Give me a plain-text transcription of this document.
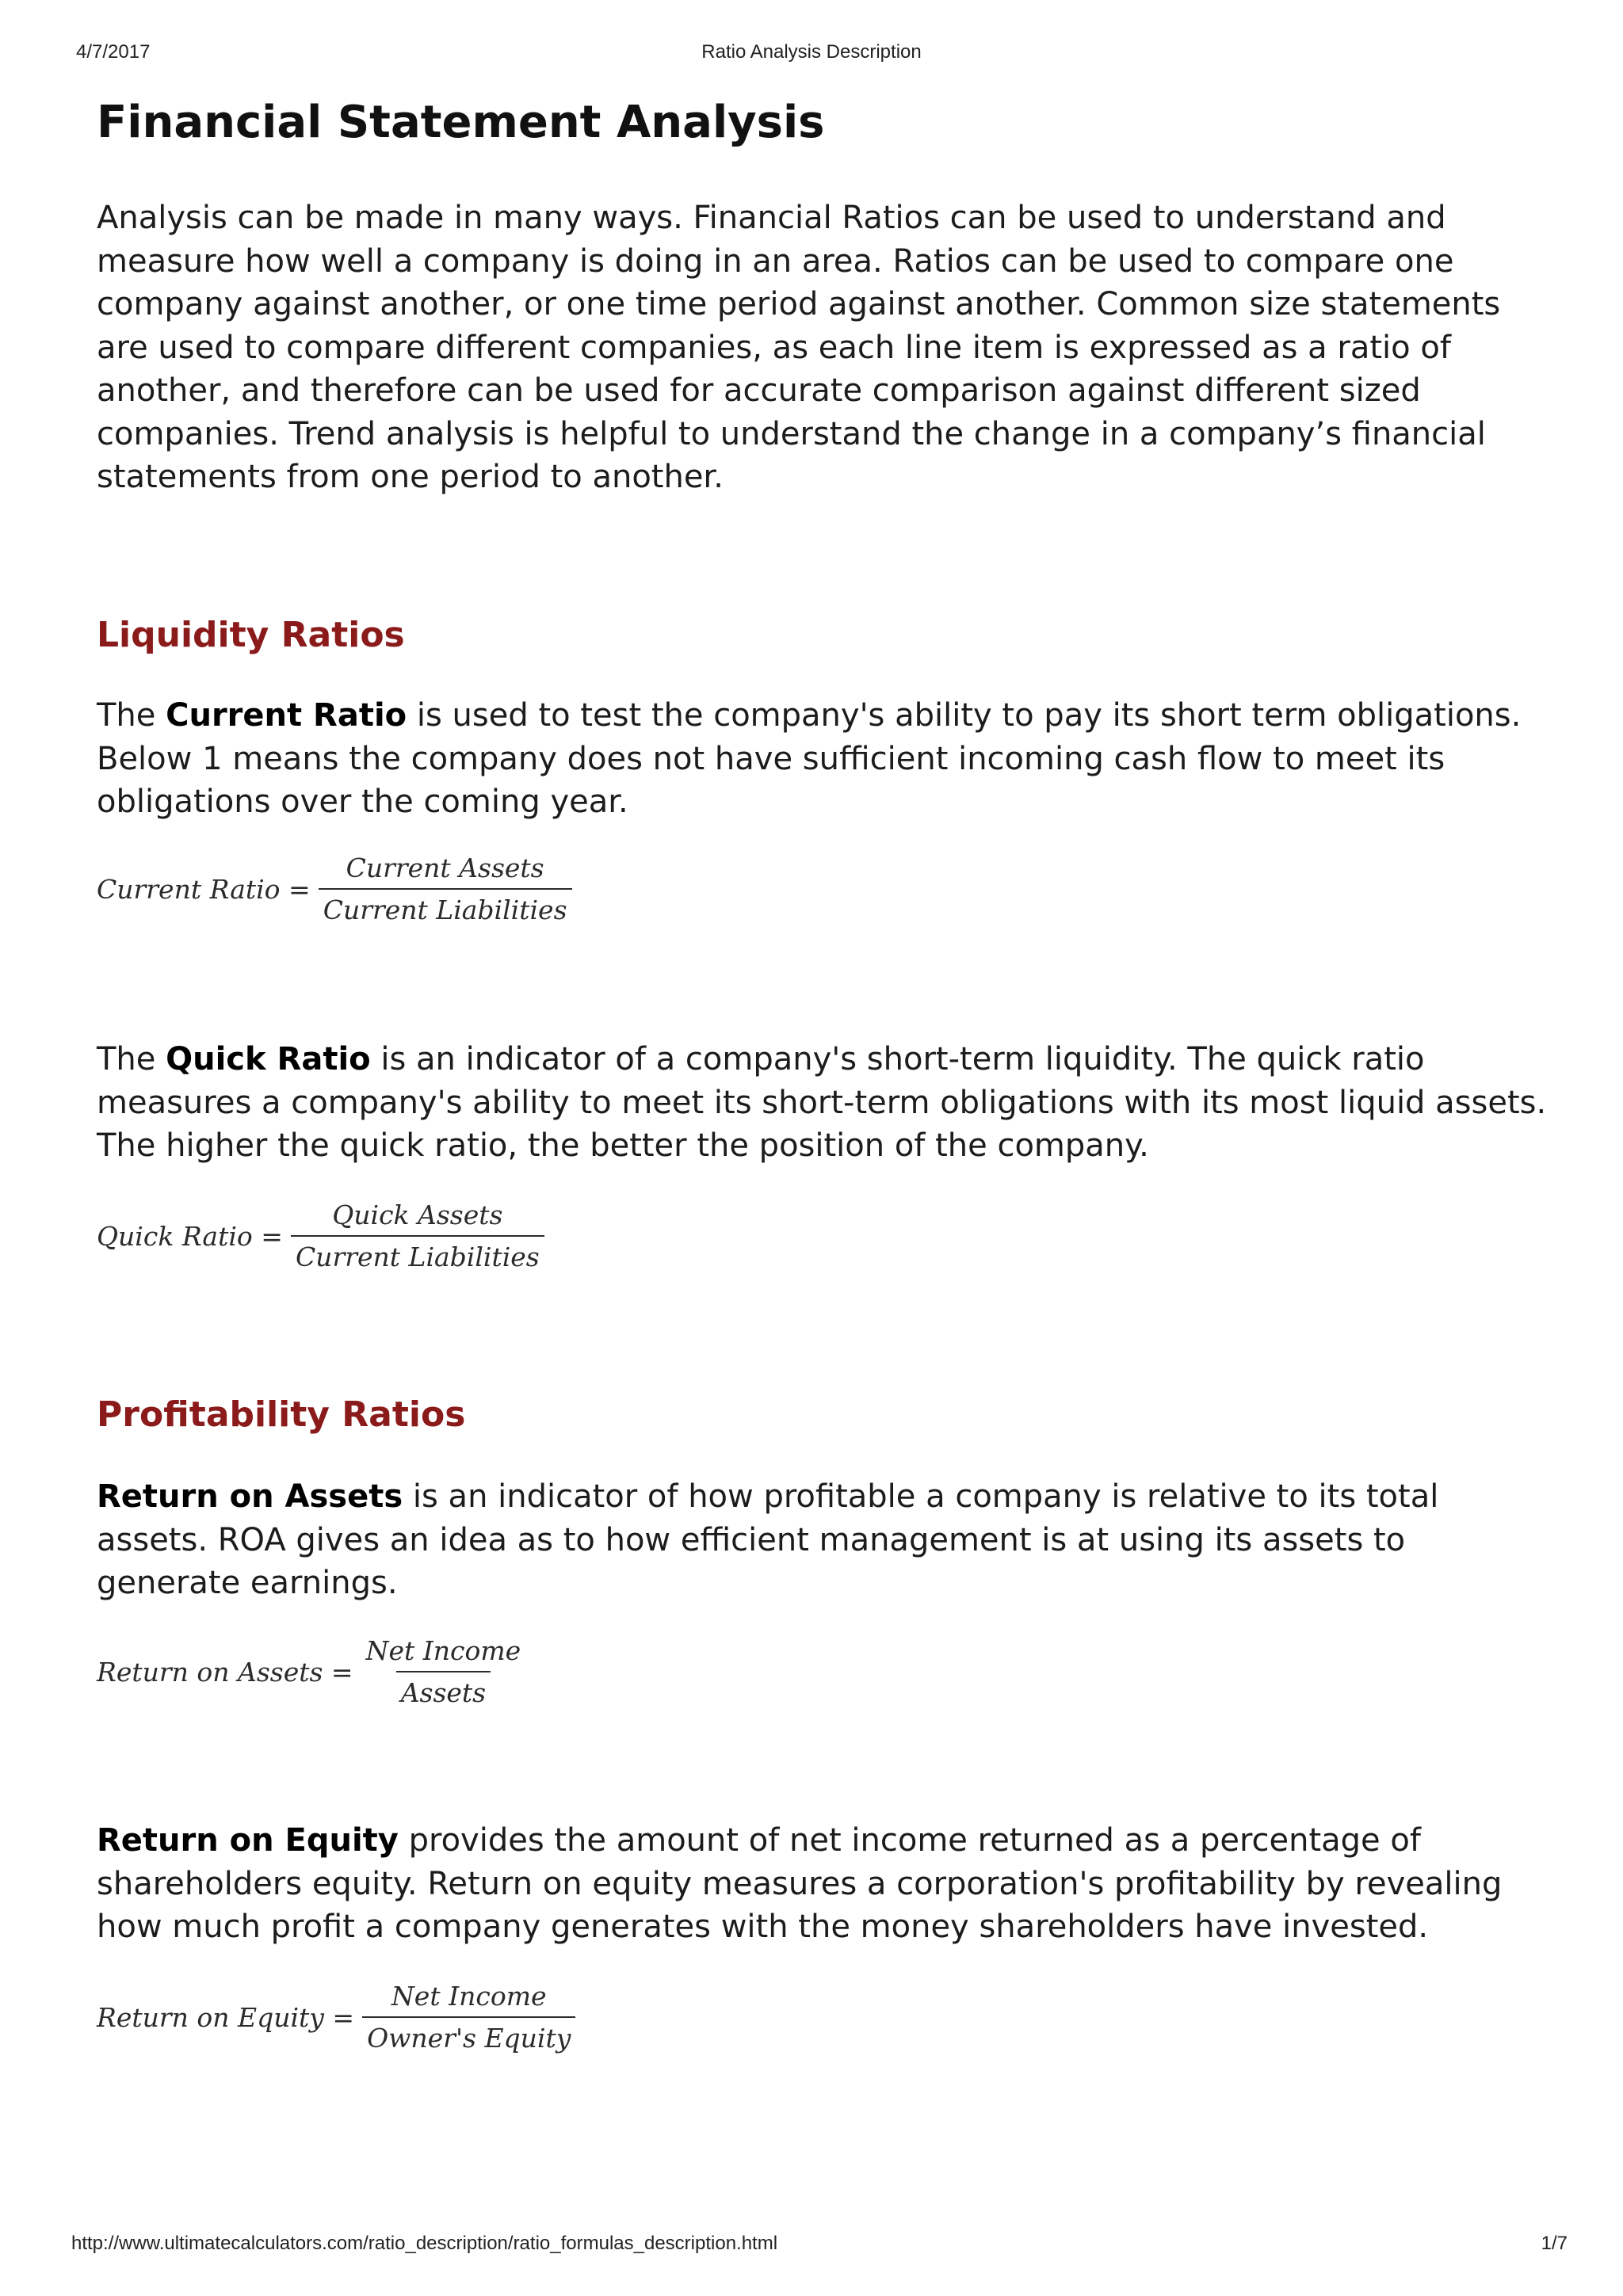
4/7/2017	Ratio Analysis Description
Financial Statement Analysis

Analysis can be made in many ways. Financial Ratios can be used to understand and measure how well a company is doing in an area. Ratios can be used to compare one company against another, or one time period against another. Common size statements are used to compare different companies, as each line item is expressed as a ratio of another, and therefore can be used for accurate comparison against different sized companies. Trend analysis is helpful to understand the change in a company’s financial statements from one period to another.

Liquidity Ratios

The Current Ratio is used to test the company's ability to pay its short term obligations. Below 1 means the company does not have sufficient incoming cash flow to meet its obligations over the coming year.

Current Ratio = $\frac{\text{Current Assets}}{\text{Current Liabilities}}$

The Quick Ratio is an indicator of a company's short-term liquidity. The quick ratio measures a company's ability to meet its short-term obligations with its most liquid assets. The higher the quick ratio, the better the position of the company.

Quick Ratio = $\frac{\text{Quick Assets}}{\text{Current Liabilities}}$
Profitability Ratios

Return on Assets is an indicator of how profitable a company is relative to its total assets. ROA gives an idea as to how efficient management is at using its assets to generate earnings.

Return on Assets = $\frac{\text{Net Income}}{\text{Assets}}$

Return on Equity provides the amount of net income returned as a percentage of shareholders equity. Return on equity measures a corporation's profitability by revealing how much profit a company generates with the money shareholders have invested.

Return on Equity = $\frac{\text{Net Income}}{\text{Owner's Equity}}$
http://www.ultimatecalculators.com/ratio_description/ratio_formulas_description.html	1/7
